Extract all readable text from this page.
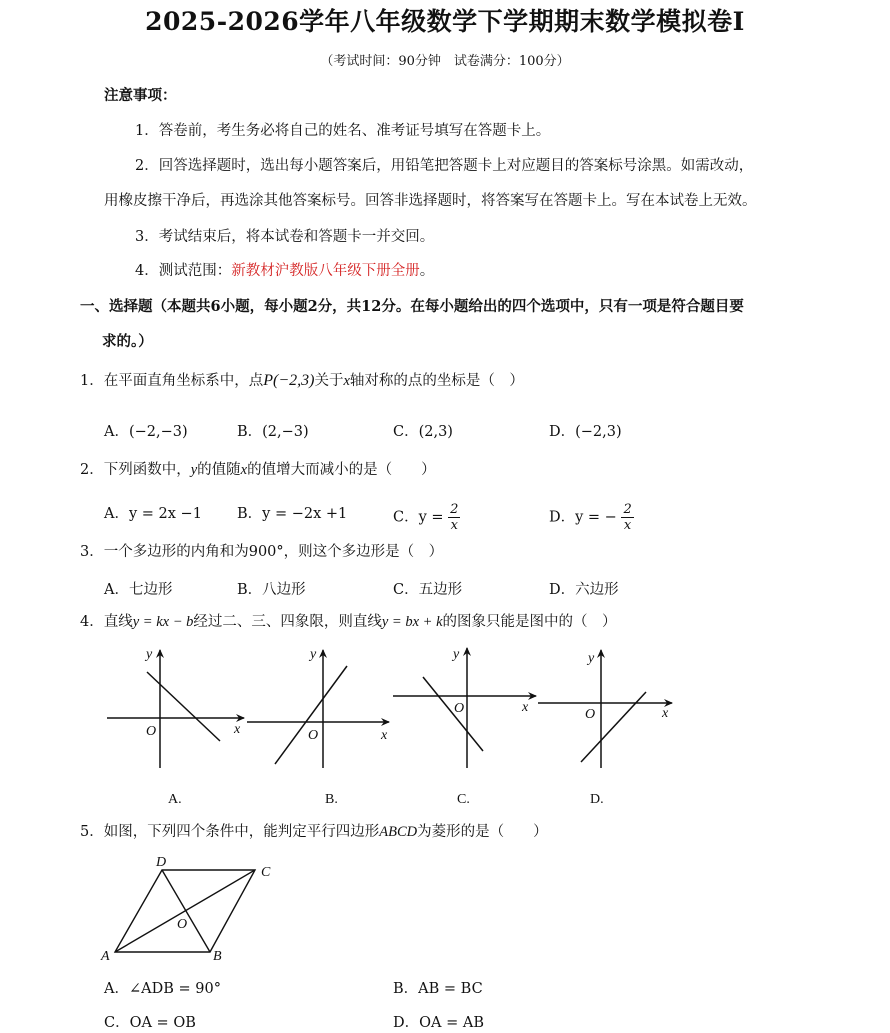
2025-2026学年八年级数学下学期期末数学模拟卷Ⅰ
（考试时间：90分钟　试卷满分：100分）
注意事项：
1．答卷前，考生务必将自己的姓名、准考证号填写在答题卡上。
2．回答选择题时，选出每小题答案后，用铅笔把答题卡上对应题目的答案标号涂黑。如需改动，
用橡皮擦干净后，再选涂其他答案标号。回答非选择题时，将答案写在答题卡上。写在本试卷上无效。
3．考试结束后，将本试卷和答题卡一并交回。
4．测试范围：新教材沪教版八年级下册全册。
一、选择题（本题共6小题，每小题2分，共12分。在每小题给出的四个选项中，只有一项是符合题目要
求的。）
1．在平面直角坐标系中，点P(−2,3)关于x轴对称的点的坐标是（　）
A．(−2,−3)	B．(2,−3)	C．(2,3)	D．(−2,3)
2．下列函数中，y的值随x的值增大而减小的是（　　）
A．y = 2x −1 B．y = −2x +1	C．$y = \frac{2}{x}$	D．y = − $\frac{2}{x}$
3．一个多边形的内角和为900°，则这个多边形是（　）
A．七边形	B．八边形	C．五边形	D．六边形
4．直线y = kx − b经过二、三、四象限，则直线y = bx + k的图象只能是图中的（　）
y
x
O
y
x
O
y
x
O
y
x
O
A.	B.	C.	D.
5．如图，下列四个条件中，能判定平行四边形ABCD为菱形的是（　　）
A	B
C
D
O
A．∠ADB = 90°	B．AB = BC
C．OA = OB	D．OA = AB
